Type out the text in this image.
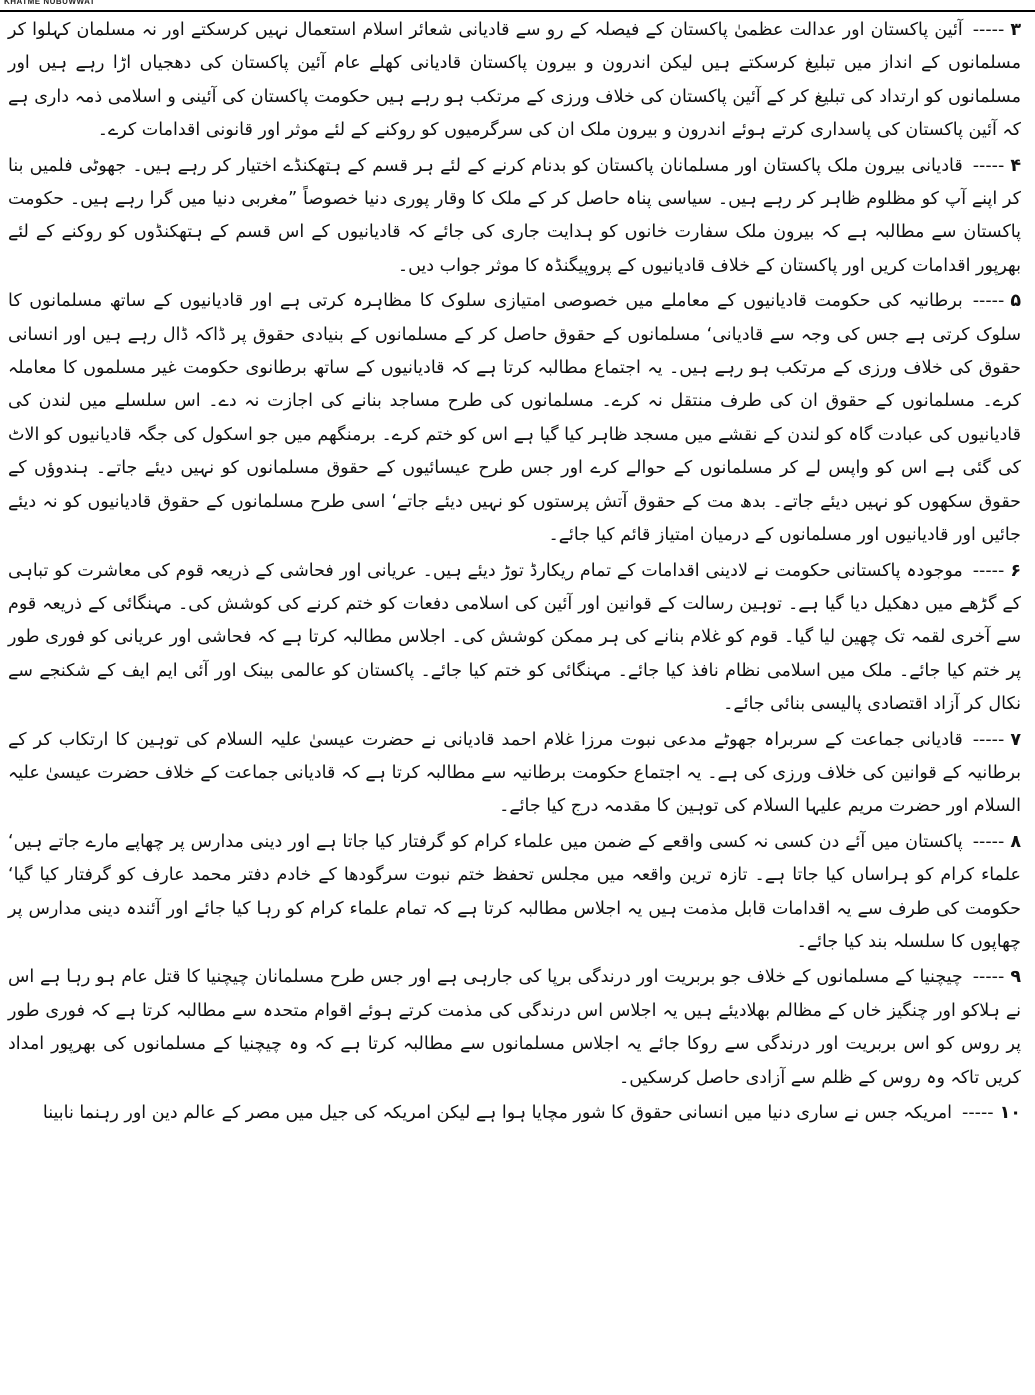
KHATME NUBUWWAT

۳-----آئین پاکستان اور عدالت عظمیٰ پاکستان کے فیصلہ کے رو سے قادیانی شعائر اسلام استعمال نہیں کرسکتے اور نہ مسلمان کہلوا کر مسلمانوں کے انداز میں تبلیغ کرسکتے ہیں لیکن اندرون و بیرون پاکستان قادیانی کھلے عام آئین پاکستان کی دھجیاں اڑا رہے ہیں اور مسلمانوں کو ارتداد کی تبلیغ کر کے آئین پاکستان کی خلاف ورزی کے مرتکب ہو رہے ہیں حکومت پاکستان کی آئینی و اسلامی ذمہ داری ہے کہ آئین پاکستان کی پاسداری کرتے ہوئے اندرون و بیرون ملک ان کی سرگرمیوں کو روکنے کے لئے موثر اور قانونی اقدامات کرے۔

۴-----قادیانی بیرون ملک پاکستان اور مسلمانان پاکستان کو بدنام کرنے کے لئے ہر قسم کے ہتھکنڈے اختیار کر رہے ہیں۔ جھوٹی فلمیں بنا کر اپنے آپ کو مظلوم ظاہر کر رہے ہیں۔ سیاسی پناہ حاصل کر کے ملک کا وقار پوری دنیا خصوصاً ”مغربی دنیا میں گرا رہے ہیں۔ حکومت پاکستان سے مطالبہ ہے کہ بیرون ملک سفارت خانوں کو ہدایت جاری کی جائے کہ قادیانیوں کے اس قسم کے ہتھکنڈوں کو روکنے کے لئے بھرپور اقدامات کریں اور پاکستان کے خلاف قادیانیوں کے پروپیگنڈہ کا موثر جواب دیں۔

۵-----برطانیہ کی حکومت قادیانیوں کے معاملے میں خصوصی امتیازی سلوک کا مظاہرہ کرتی ہے اور قادیانیوں کے ساتھ مسلمانوں کا سلوک کرتی ہے جس کی وجہ سے قادیانی‘ مسلمانوں کے حقوق حاصل کر کے مسلمانوں کے بنیادی حقوق پر ڈاکہ ڈال رہے ہیں اور انسانی حقوق کی خلاف ورزی کے مرتکب ہو رہے ہیں۔ یہ اجتماع مطالبہ کرتا ہے کہ قادیانیوں کے ساتھ برطانوی حکومت غیر مسلموں کا معاملہ کرے۔ مسلمانوں کے حقوق ان کی طرف منتقل نہ کرے۔ مسلمانوں کی طرح مساجد بنانے کی اجازت نہ دے۔ اس سلسلے میں لندن کی قادیانیوں کی عبادت گاہ کو لندن کے نقشے میں مسجد ظاہر کیا گیا ہے اس کو ختم کرے۔ برمنگھم میں جو اسکول کی جگہ قادیانیوں کو الاٹ کی گئی ہے اس کو واپس لے کر مسلمانوں کے حوالے کرے اور جس طرح عیسائیوں کے حقوق مسلمانوں کو نہیں دیئے جاتے۔ ہندوؤں کے حقوق سکھوں کو نہیں دیئے جاتے۔ بدھ مت کے حقوق آتش پرستوں کو نہیں دیئے جاتے‘ اسی طرح مسلمانوں کے حقوق قادیانیوں کو نہ دیئے جائیں اور قادیانیوں اور مسلمانوں کے درمیان امتیاز قائم کیا جائے۔

۶-----موجودہ پاکستانی حکومت نے لادینی اقدامات کے تمام ریکارڈ توڑ دیئے ہیں۔ عریانی اور فحاشی کے ذریعہ قوم کی معاشرت کو تباہی کے گڑھے میں دھکیل دیا گیا ہے۔ توہین رسالت کے قوانین اور آئین کی اسلامی دفعات کو ختم کرنے کی کوشش کی۔ مہنگائی کے ذریعہ قوم سے آخری لقمہ تک چھین لیا گیا۔ قوم کو غلام بنانے کی ہر ممکن کوشش کی۔ اجلاس مطالبہ کرتا ہے کہ فحاشی اور عریانی کو فوری طور پر ختم کیا جائے۔ ملک میں اسلامی نظام نافذ کیا جائے۔ مہنگائی کو ختم کیا جائے۔ پاکستان کو عالمی بینک اور آئی ایم ایف کے شکنجے سے نکال کر آزاد اقتصادی پالیسی بنائی جائے۔

۷-----قادیانی جماعت کے سربراہ جھوٹے مدعی نبوت مرزا غلام احمد قادیانی نے حضرت عیسیٰ علیہ السلام کی توہین کا ارتکاب کر کے برطانیہ کے قوانین کی خلاف ورزی کی ہے۔ یہ اجتماع حکومت برطانیہ سے مطالبہ کرتا ہے کہ قادیانی جماعت کے خلاف حضرت عیسیٰ علیہ السلام اور حضرت مریم علیہا السلام کی توہین کا مقدمہ درج کیا جائے۔

۸-----پاکستان میں آئے دن کسی نہ کسی واقعے کے ضمن میں علماء کرام کو گرفتار کیا جاتا ہے اور دینی مدارس پر چھاپے مارے جاتے ہیں‘ علماء کرام کو ہراساں کیا جاتا ہے۔ تازہ ترین واقعہ میں مجلس تحفظ ختم نبوت سرگودھا کے خادم دفتر محمد عارف کو گرفتار کیا گیا‘ حکومت کی طرف سے یہ اقدامات قابل مذمت ہیں یہ اجلاس مطالبہ کرتا ہے کہ تمام علماء کرام کو رہا کیا جائے اور آئندہ دینی مدارس پر چھاپوں کا سلسلہ بند کیا جائے۔

۹-----چیچنیا کے مسلمانوں کے خلاف جو بربریت اور درندگی برپا کی جارہی ہے اور جس طرح مسلمانان چیچنیا کا قتل عام ہو رہا ہے اس نے ہلاکو اور چنگیز خاں کے مظالم بھلادیئے ہیں یہ اجلاس اس درندگی کی مذمت کرتے ہوئے اقوام متحدہ سے مطالبہ کرتا ہے کہ فوری طور پر روس کو اس بربریت اور درندگی سے روکا جائے یہ اجلاس مسلمانوں سے مطالبہ کرتا ہے کہ وہ چیچنیا کے مسلمانوں کی بھرپور امداد کریں تاکہ وہ روس کے ظلم سے آزادی حاصل کرسکیں۔

۱۰-----امریکہ جس نے ساری دنیا میں انسانی حقوق کا شور مچایا ہوا ہے لیکن امریکہ کی جیل میں مصر کے عالم دین اور رہنما نابینا
